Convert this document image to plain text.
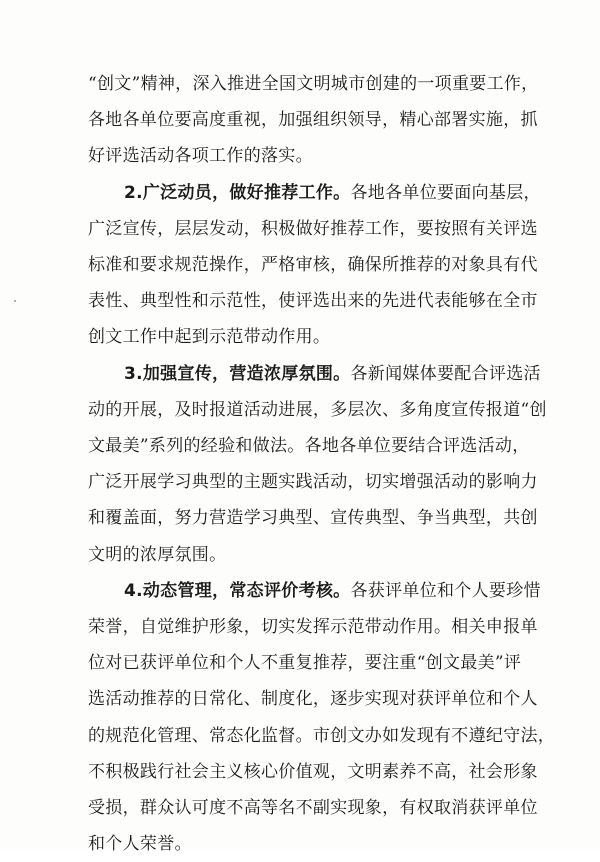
“创文”精神，深入推进全国文明城市创建的一项重要工作，
各地各单位要高度重视，加强组织领导，精心部署实施，抓
好评选活动各项工作的落实。

2.广泛动员，做好推荐工作。各地各单位要面向基层，
广泛宣传，层层发动，积极做好推荐工作，要按照有关评选
标准和要求规范操作，严格审核，确保所推荐的对象具有代
表性、典型性和示范性，使评选出来的先进代表能够在全市
创文工作中起到示范带动作用。

3.加强宣传，营造浓厚氛围。各新闻媒体要配合评选活
动的开展，及时报道活动进展，多层次、多角度宣传报道“创
文最美”系列的经验和做法。各地各单位要结合评选活动，
广泛开展学习典型的主题实践活动，切实增强活动的影响力
和覆盖面，努力营造学习典型、宣传典型、争当典型，共创
文明的浓厚氛围。

4.动态管理，常态评价考核。各获评单位和个人要珍惜
荣誉，自觉维护形象，切实发挥示范带动作用。相关申报单
位对已获评单位和个人不重复推荐，要注重“创文最美”评
选活动推荐的日常化、制度化，逐步实现对获评单位和个人
的规范化管理、常态化监督。市创文办如发现有不遵纪守法，
不积极践行社会主义核心价值观，文明素养不高，社会形象
受损，群众认可度不高等名不副实现象，有权取消获评单位
和个人荣誉。
